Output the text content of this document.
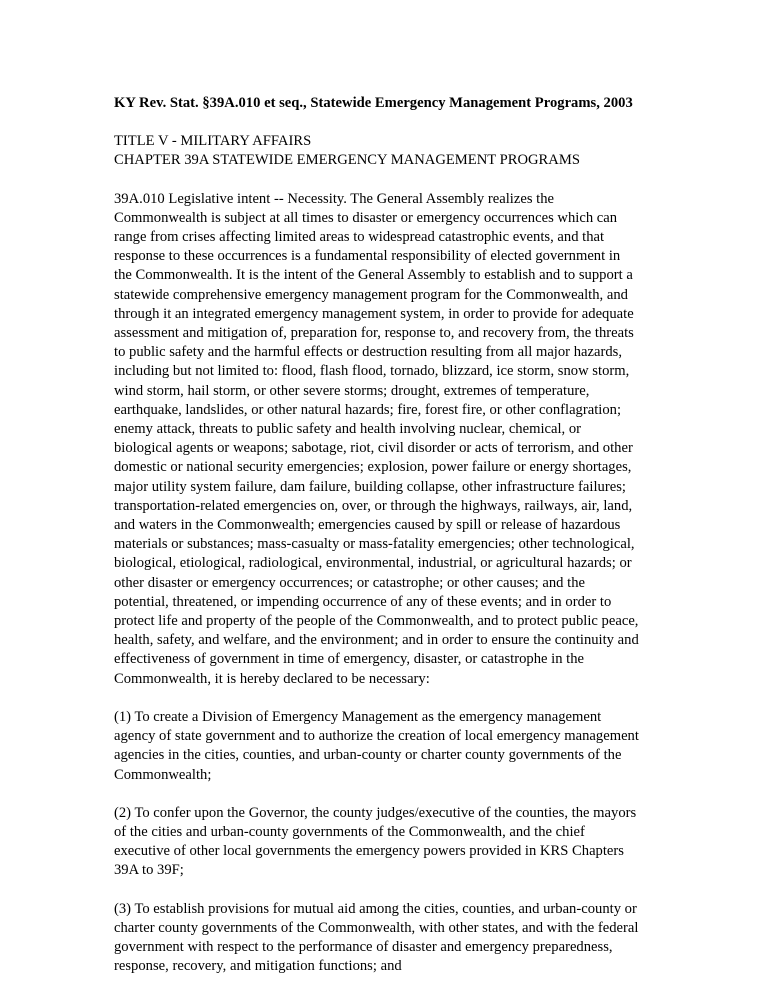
KY Rev. Stat. §39A.010 et seq., Statewide Emergency Management Programs, 2003

TITLE V - MILITARY AFFAIRS
CHAPTER 39A STATEWIDE EMERGENCY MANAGEMENT PROGRAMS
39A.010 Legislative intent -- Necessity. The General Assembly realizes the
Commonwealth is subject at all times to disaster or emergency occurrences which can
range from crises affecting limited areas to widespread catastrophic events, and that
response to these occurrences is a fundamental responsibility of elected government in
the Commonwealth. It is the intent of the General Assembly to establish and to support a
statewide comprehensive emergency management program for the Commonwealth, and
through it an integrated emergency management system, in order to provide for adequate
assessment and mitigation of, preparation for, response to, and recovery from, the threats
to public safety and the harmful effects or destruction resulting from all major hazards,
including but not limited to: flood, flash flood, tornado, blizzard, ice storm, snow storm,
wind storm, hail storm, or other severe storms; drought, extremes of temperature,
earthquake, landslides, or other natural hazards; fire, forest fire, or other conflagration;
enemy attack, threats to public safety and health involving nuclear, chemical, or
biological agents or weapons; sabotage, riot, civil disorder or acts of terrorism, and other
domestic or national security emergencies; explosion, power failure or energy shortages,
major utility system failure, dam failure, building collapse, other infrastructure failures;
transportation-related emergencies on, over, or through the highways, railways, air, land,
and waters in the Commonwealth; emergencies caused by spill or release of hazardous
materials or substances; mass-casualty or mass-fatality emergencies; other technological,
biological, etiological, radiological, environmental, industrial, or agricultural hazards; or
other disaster or emergency occurrences; or catastrophe; or other causes; and the
potential, threatened, or impending occurrence of any of these events; and in order to
protect life and property of the people of the Commonwealth, and to protect public peace,
health, safety, and welfare, and the environment; and in order to ensure the continuity and
effectiveness of government in time of emergency, disaster, or catastrophe in the
Commonwealth, it is hereby declared to be necessary:
(1) To create a Division of Emergency Management as the emergency management
agency of state government and to authorize the creation of local emergency management
agencies in the cities, counties, and urban-county or charter county governments of the
Commonwealth;
(2) To confer upon the Governor, the county judges/executive of the counties, the mayors
of the cities and urban-county governments of the Commonwealth, and the chief
executive of other local governments the emergency powers provided in KRS Chapters
39A to 39F;
(3) To establish provisions for mutual aid among the cities, counties, and urban-county or
charter county governments of the Commonwealth, with other states, and with the federal
government with respect to the performance of disaster and emergency preparedness,
response, recovery, and mitigation functions; and
